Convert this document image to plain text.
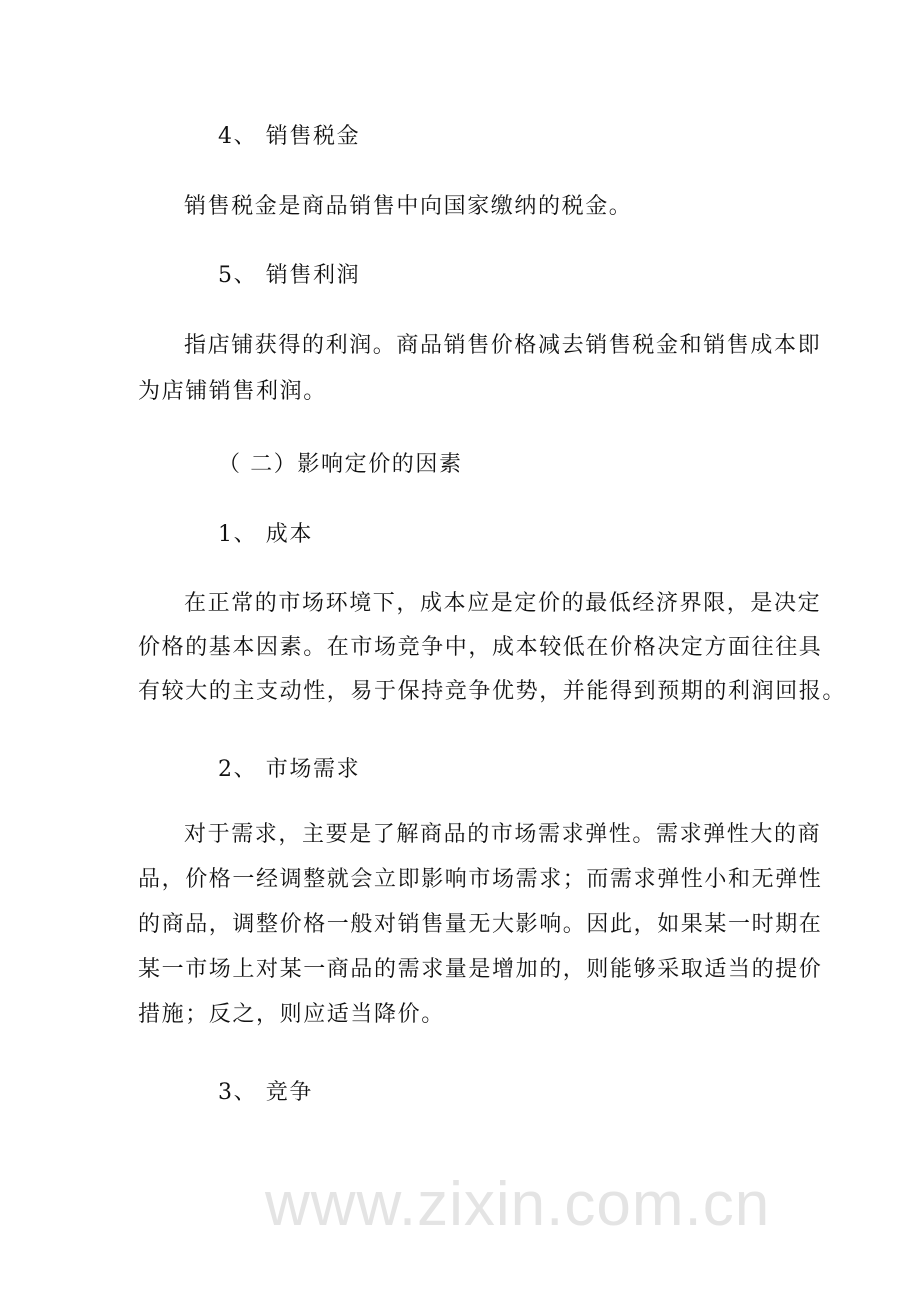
www.zixin.com.cn
4、 销售税金
销售税金是商品销售中向国家缴纳的税金。
5、 销售利润
指店铺获得的利润。商品销售价格减去销售税金和销售成本即
为店铺销售利润。
（ 二）影响定价的因素
1、 成本
在正常的市场环境下，成本应是定价的最低经济界限，是决定
价格的基本因素。在市场竞争中，成本较低在价格决定方面往往具
有较大的主支动性，易于保持竞争优势，并能得到预期的利润回报。
2、 市场需求
对于需求，主要是了解商品的市场需求弹性。需求弹性大的商
品，价格一经调整就会立即影响市场需求；而需求弹性小和无弹性
的商品，调整价格一般对销售量无大影响。因此，如果某一时期在
某一市场上对某一商品的需求量是增加的，则能够采取适当的提价
措施；反之，则应适当降价。
3、 竞争
